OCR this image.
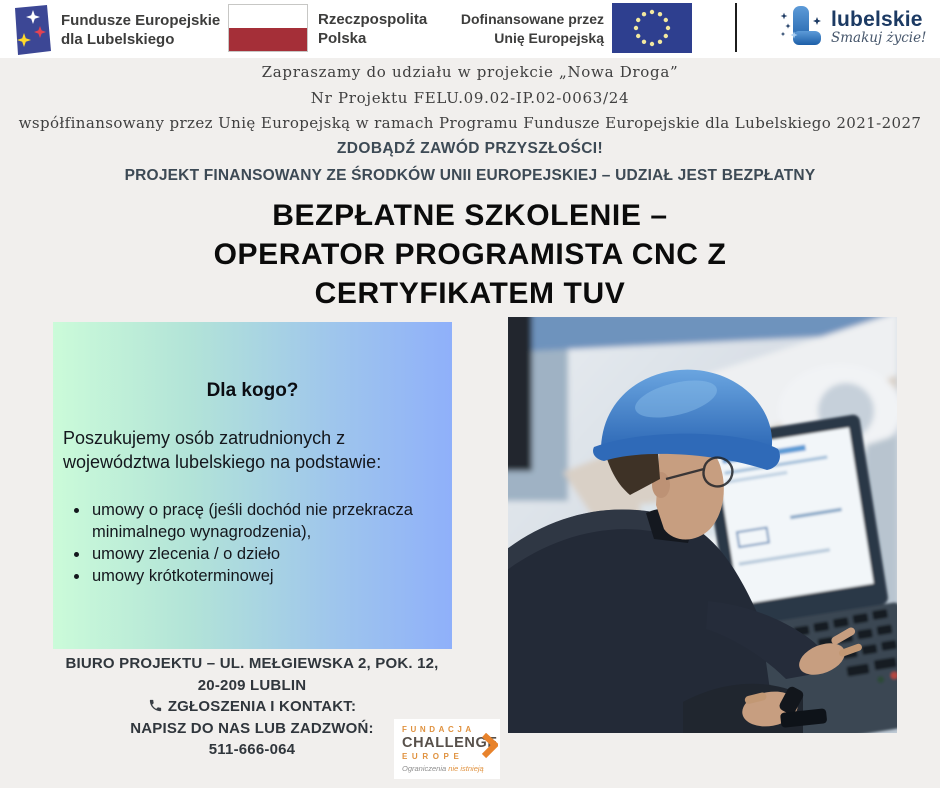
Fundusze Europejskie
dla Lubelskiego
Rzeczpospolita
Polska
Dofinansowane przez
Unię Europejską
lubelskie
Smakuj życie!
Zapraszamy do udziału w projekcie „Nowa Droga”
Nr Projektu FELU.09.02-IP.02-0063/24
współfinansowany przez Unię Europejską w ramach Programu Fundusze Europejskie dla Lubelskiego 2021-2027
ZDOBĄDŹ ZAWÓD PRZYSZŁOŚCI!
PROJEKT FINANSOWANY ZE ŚRODKÓW UNII EUROPEJSKIEJ – UDZIAŁ JEST BEZPŁATNY
BEZPŁATNE SZKOLENIE –
OPERATOR PROGRAMISTA CNC Z
CERTYFIKATEM TUV
Dla kogo?
Poszukujemy osób zatrudnionych z województwa lubelskiego na podstawie:
• umowy o pracę (jeśli dochód nie przekracza minimalnego wynagrodzenia),
• umowy zlecenia / o dzieło
• umowy krótkoterminowej
BIURO PROJEKTU – UL. MEŁGIEWSKA 2, POK. 12,
20-209 LUBLIN
ZGŁOSZENIA I KONTAKT:
NAPISZ DO NAS LUB ZADZWOŃ:
511-666-064
FUNDACJA
CHALLENGE
EUROPE
Ograniczenia nie istnieją
